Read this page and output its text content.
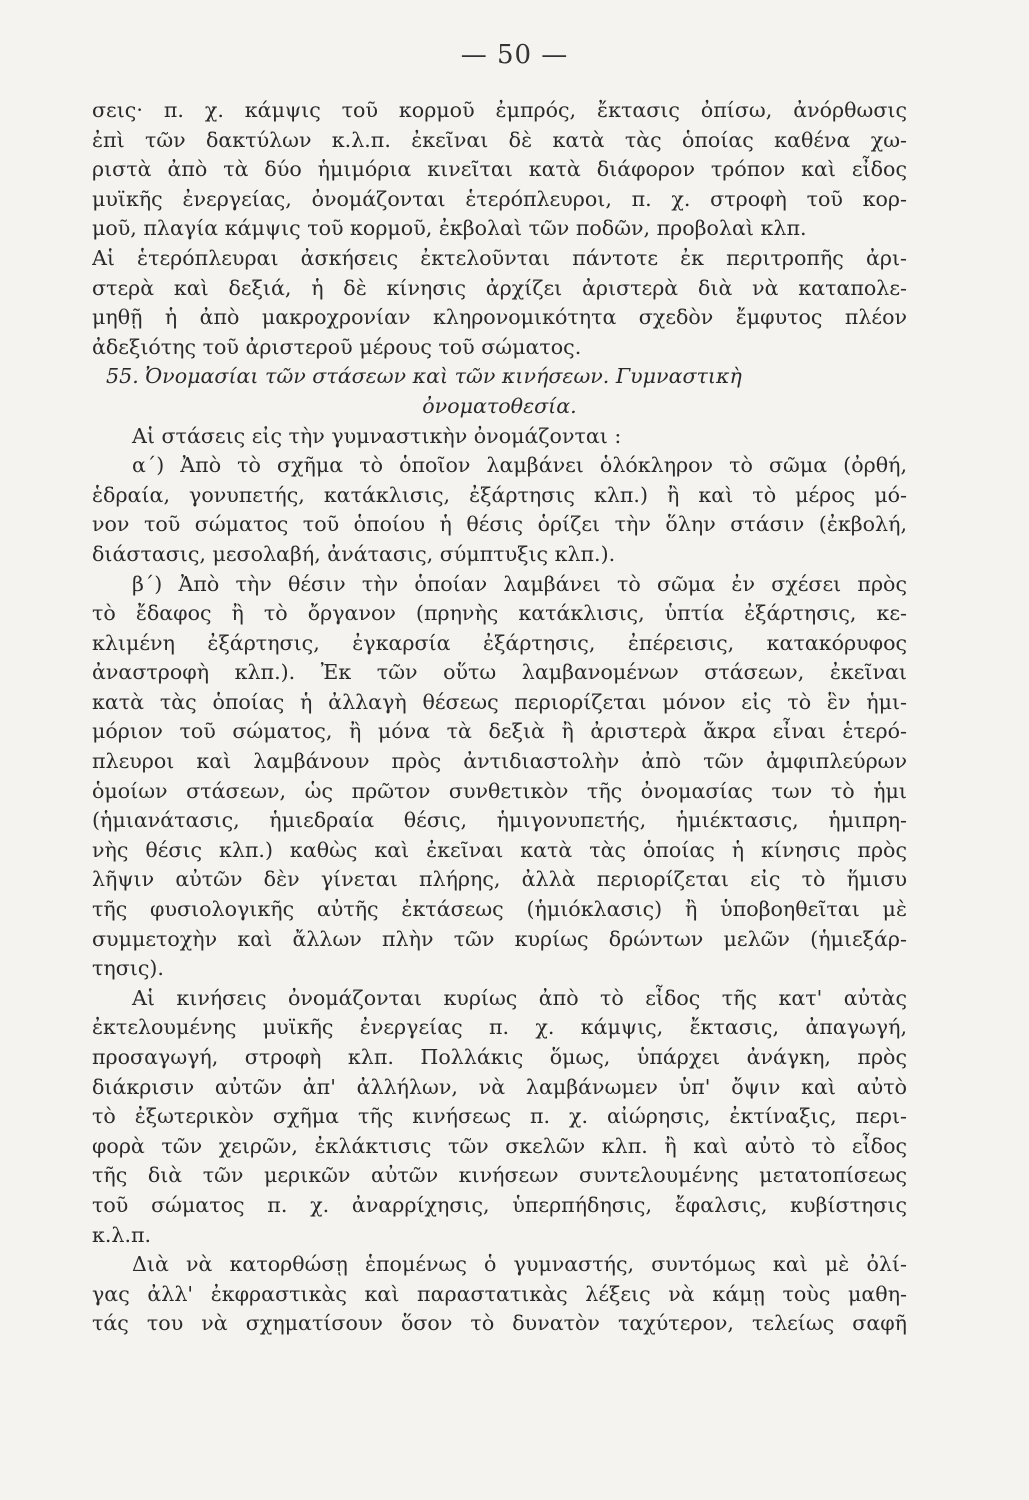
— 50 —
σεις· π. χ. κάμψις τοῦ κορμοῦ ἐμπρός, ἔκτασις ὀπίσω, ἀνόρθωσις
ἐπὶ τῶν δακτύλων κ.λ.π. ἐκεῖναι δὲ κατὰ τὰς ὁποίας καθένα χω-
ριστὰ ἀπὸ τὰ δύο ἡμιμόρια κινεῖται κατὰ διάφορον τρόπον καὶ εἶδος
μυϊκῆς ἐνεργείας, ὀνομάζονται ἑτερόπλευροι, π. χ. στροφὴ τοῦ κορ-
μοῦ, πλαγία κάμψις τοῦ κορμοῦ, ἐκβολαὶ τῶν ποδῶν, προβολαὶ κλπ.
Αἱ ἑτερόπλευραι ἀσκήσεις ἐκτελοῦνται πάντοτε ἐκ περιτροπῆς ἀρι-
στερὰ καὶ δεξιά, ἡ δὲ κίνησις ἀρχίζει ἀριστερὰ διὰ νὰ καταπολε-
μηθῇ ἡ ἀπὸ μακροχρονίαν κληρονομικότητα σχεδὸν ἔμφυτος πλέον
ἀδεξιότης τοῦ ἀριστεροῦ μέρους τοῦ σώματος.
55. Ὀνομασίαι τῶν στάσεων καὶ τῶν κινήσεων. Γυμναστικὴ
ὀνοματοθεσία.
Αἱ στάσεις εἰς τὴν γυμναστικὴν ὀνομάζονται :
α΄) Ἀπὸ τὸ σχῆμα τὸ ὁποῖον λαμβάνει ὁλόκληρον τὸ σῶμα (ὀρθή,
ἑδραία, γονυπετής, κατάκλισις, ἐξάρτησις κλπ.) ἢ καὶ τὸ μέρος μό-
νον τοῦ σώματος τοῦ ὁποίου ἡ θέσις ὁρίζει τὴν ὅλην στάσιν (ἐκβολή,
διάστασις, μεσολαβή, ἀνάτασις, σύμπτυξις κλπ.).
β΄) Ἀπὸ τὴν θέσιν τὴν ὁποίαν λαμβάνει τὸ σῶμα ἐν σχέσει πρὸς
τὸ ἔδαφος ἢ τὸ ὄργανον (πρηνὴς κατάκλισις, ὑπτία ἐξάρτησις, κε-
κλιμένη ἐξάρτησις, ἐγκαρσία ἐξάρτησις, ἐπέρεισις, κατακόρυφος
ἀναστροφὴ κλπ.). Ἐκ τῶν οὕτω λαμβανομένων στάσεων, ἐκεῖναι
κατὰ τὰς ὁποίας ἡ ἀλλαγὴ θέσεως περιορίζεται μόνον εἰς τὸ ἓν ἡμι-
μόριον τοῦ σώματος, ἢ μόνα τὰ δεξιὰ ἢ ἀριστερὰ ἄκρα εἶναι ἑτερό-
πλευροι καὶ λαμβάνουν πρὸς ἀντιδιαστολὴν ἀπὸ τῶν ἀμφιπλεύρων
ὁμοίων στάσεων, ὡς πρῶτον συνθετικὸν τῆς ὀνομασίας των τὸ ἡμι
(ἡμιανάτασις, ἡμιεδραία θέσις, ἡμιγονυπετής, ἡμιέκτασις, ἡμιπρη-
νὴς θέσις κλπ.) καθὼς καὶ ἐκεῖναι κατὰ τὰς ὁποίας ἡ κίνησις πρὸς
λῆψιν αὐτῶν δὲν γίνεται πλήρης, ἀλλὰ περιορίζεται εἰς τὸ ἥμισυ
τῆς φυσιολογικῆς αὐτῆς ἐκτάσεως (ἡμιόκλασις) ἢ ὑποβοηθεῖται μὲ
συμμετοχὴν καὶ ἄλλων πλὴν τῶν κυρίως δρώντων μελῶν (ἡμιεξάρ-
τησις).
Αἱ κινήσεις ὀνομάζονται κυρίως ἀπὸ τὸ εἶδος τῆς κατ' αὐτὰς
ἐκτελουμένης μυϊκῆς ἐνεργείας π. χ. κάμψις, ἔκτασις, ἀπαγωγή,
προσαγωγή, στροφὴ κλπ. Πολλάκις ὅμως, ὑπάρχει ἀνάγκη, πρὸς
διάκρισιν αὐτῶν ἀπ' ἀλλήλων, νὰ λαμβάνωμεν ὑπ' ὄψιν καὶ αὐτὸ
τὸ ἐξωτερικὸν σχῆμα τῆς κινήσεως π. χ. αἰώρησις, ἐκτίναξις, περι-
φορὰ τῶν χειρῶν, ἐκλάκτισις τῶν σκελῶν κλπ. ἢ καὶ αὐτὸ τὸ εἶδος
τῆς διὰ τῶν μερικῶν αὐτῶν κινήσεων συντελουμένης μετατοπίσεως
τοῦ σώματος π. χ. ἀναρρίχησις, ὑπερπήδησις, ἔφαλσις, κυβίστησις
κ.λ.π.
Διὰ νὰ κατορθώσῃ ἑπομένως ὁ γυμναστής, συντόμως καὶ μὲ ὀλί-
γας ἀλλ' ἐκφραστικὰς καὶ παραστατικὰς λέξεις νὰ κάμῃ τοὺς μαθη-
τάς του νὰ σχηματίσουν ὅσον τὸ δυνατὸν ταχύτερον, τελείως σαφῆ
